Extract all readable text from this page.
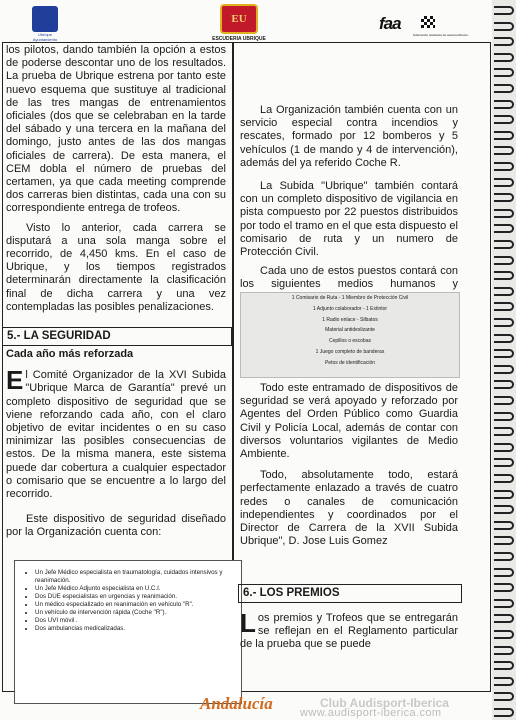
Ubrique Ayuntamiento
EU
ESCUDERIA UBRIQUE
faa
federación andaluza de automovilismo

los pilotos, dando también la opción a estos de poderse descontar uno de los resultados. La prueba de Ubrique estrena por tanto este nuevo esquema que sustituye al tradicional de las tres mangas de entrenamientos oficiales (dos que se celebraban en la tarde del sábado y una tercera en la mañana del domingo, justo antes de las dos mangas oficiales de carrera). De esta manera, el CEM dobla el número de pruebas del certamen, ya que cada meeting comprende dos carreras bien distintas, cada una con su correspondiente entrega de trofeos.

Visto lo anterior, cada carrera se disputará a una sola manga sobre el recorrido, de 4,450 kms. En el caso de Ubrique, y los tiempos registrados determinarán directamente la clasificación final de dicha carrera y una vez contempladas las posibles penalizaciones.

5.- LA SEGURIDAD

Cada año más reforzada

El Comité Organizador de la XVI Subida "Ubrique Marca de Garantía" prevé un completo dispositivo de seguridad que se viene reforzando cada año, con el claro objetivo de evitar incidentes o en su caso minimizar las posibles consecuencias de estos. De la misma manera, este sistema puede dar cobertura a cualquier espectador o comisario que se encuentre a lo largo del recorrido.

Este dispositivo de seguridad diseñado por la Organización cuenta con:

• Un Jefe Médico especialista en traumatología, cuidados intensivos y reanimación.
• Un Jefe Médico Adjunto especialista en U.C.I.
• Dos DUE especialistas en urgencias y reanimación.
• Un médico especializado en reanimación en vehículo "R".
• Un vehículo de intervención rápida (Coche "R").
• Dos UVI móvil .
• Dos ambulancias medicalizadas.

La Organización también cuenta con un servicio especial contra incendios y rescates, formado por 12 bomberos y 5 vehículos (1 de mando y 4 de intervención), además del ya referido Coche R.

La Subida "Ubrique" también contará con un completo dispositivo de vigilancia en pista compuesto por 22 puestos distribuidos por todo el tramo en el que esta dispuesto el comisario de ruta y un numero de Protección Civil.

Cada uno de estos puestos contará con los siguientes medios humanos y

1 Comisario de Ruta - 1 Miembro de Protección Civil
1 Adjunto colaborador - 1 Extintor
1 Radio enlace - Silbatos
Material antideslizante
Cepillos o escobas
1 Juego completo de banderas
Petos de identificación

Todo este entramado de dispositivos de seguridad se verá apoyado y reforzado por Agentes del Orden Público como Guardia Civil y Policía Local, además de contar con diversos voluntarios vigilantes de Medio Ambiente.

Todo, absolutamente todo, estará perfectamente enlazado a través de cuatro redes o canales de comunicación independientes y coordinados por el Director de Carrera de la XVII Subida Ubrique", D. Jose Luis Gomez

6.- LOS PREMIOS

Los premios y Trofeos que se entregarán se reflejan en el Reglamento particular de la prueba que se puede

Andalucía	Club Audisport-Iberica
www.audisport-iberica.com
